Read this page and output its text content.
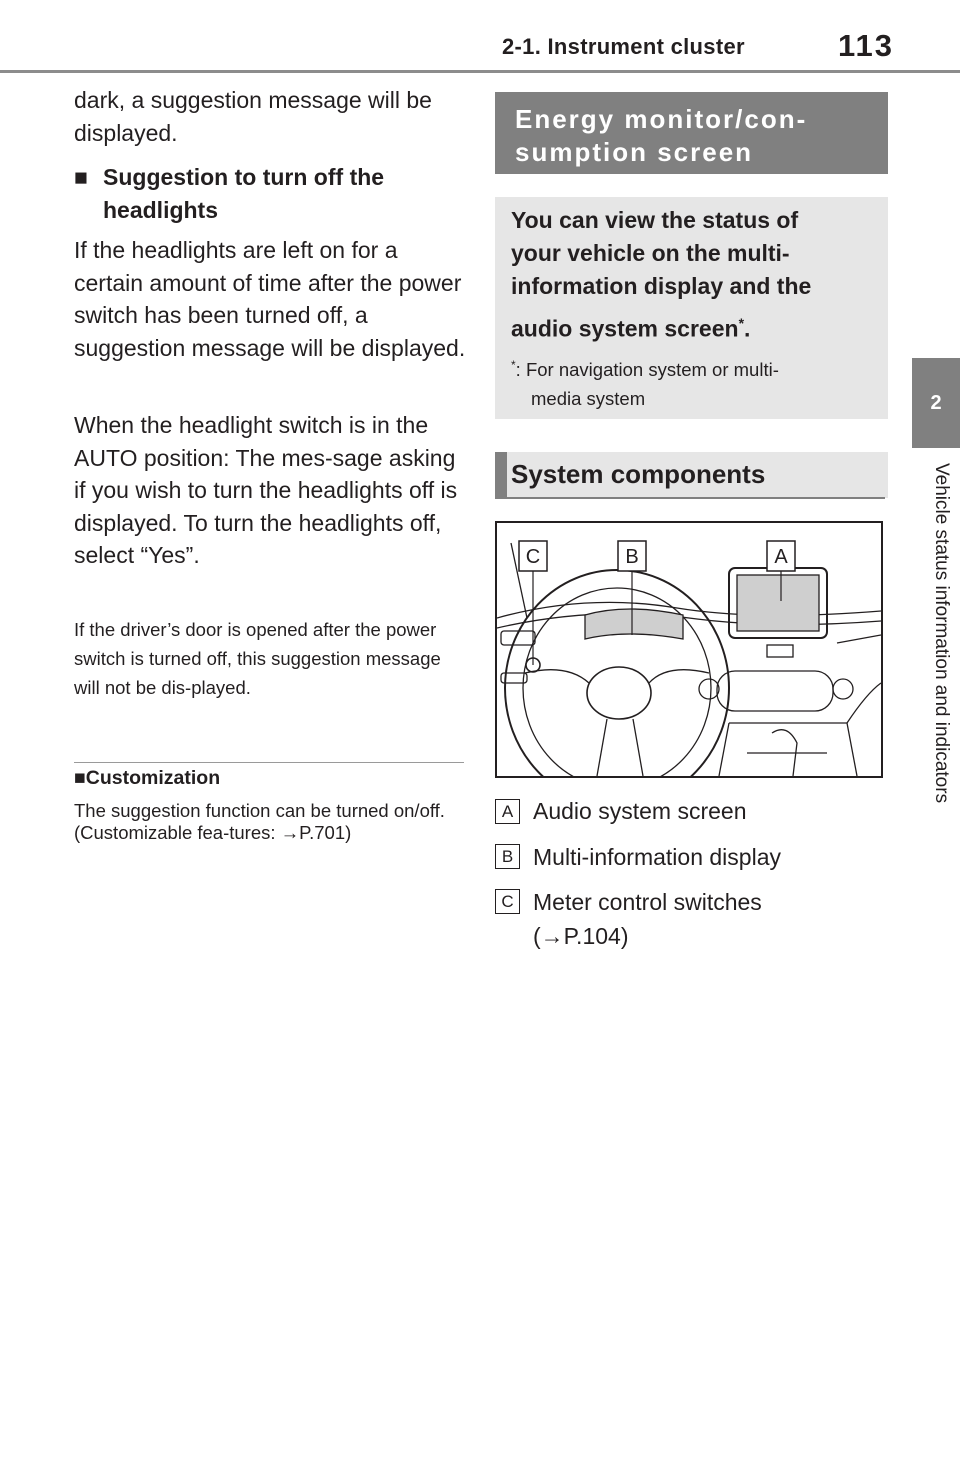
2-1. Instrument cluster	113
2
Vehicle status information and indicators
dark, a suggestion message will be displayed.
■ Suggestion to turn off the
headlights
If the headlights are left on for a certain amount of time after the power switch has been turned off, a suggestion message will be displayed.
When the headlight switch is in the AUTO position: The mes-sage asking if you wish to turn the headlights off is displayed. To turn the headlights off, select “Yes”.
If the driver’s door is opened after the power switch is turned off, this suggestion message will not be dis-played.
■Customization
The suggestion function can be turned on/off. (Customizable fea-tures: →P.701)
Energy monitor/con-
sumption screen
You can view the status of
your vehicle on the multi-
information display and the
audio system screen*.
*: For navigation system or multi-
media system
System components
C	B	A
A Audio system screen
B Multi-information display
C Meter control switches
(→P.104)
